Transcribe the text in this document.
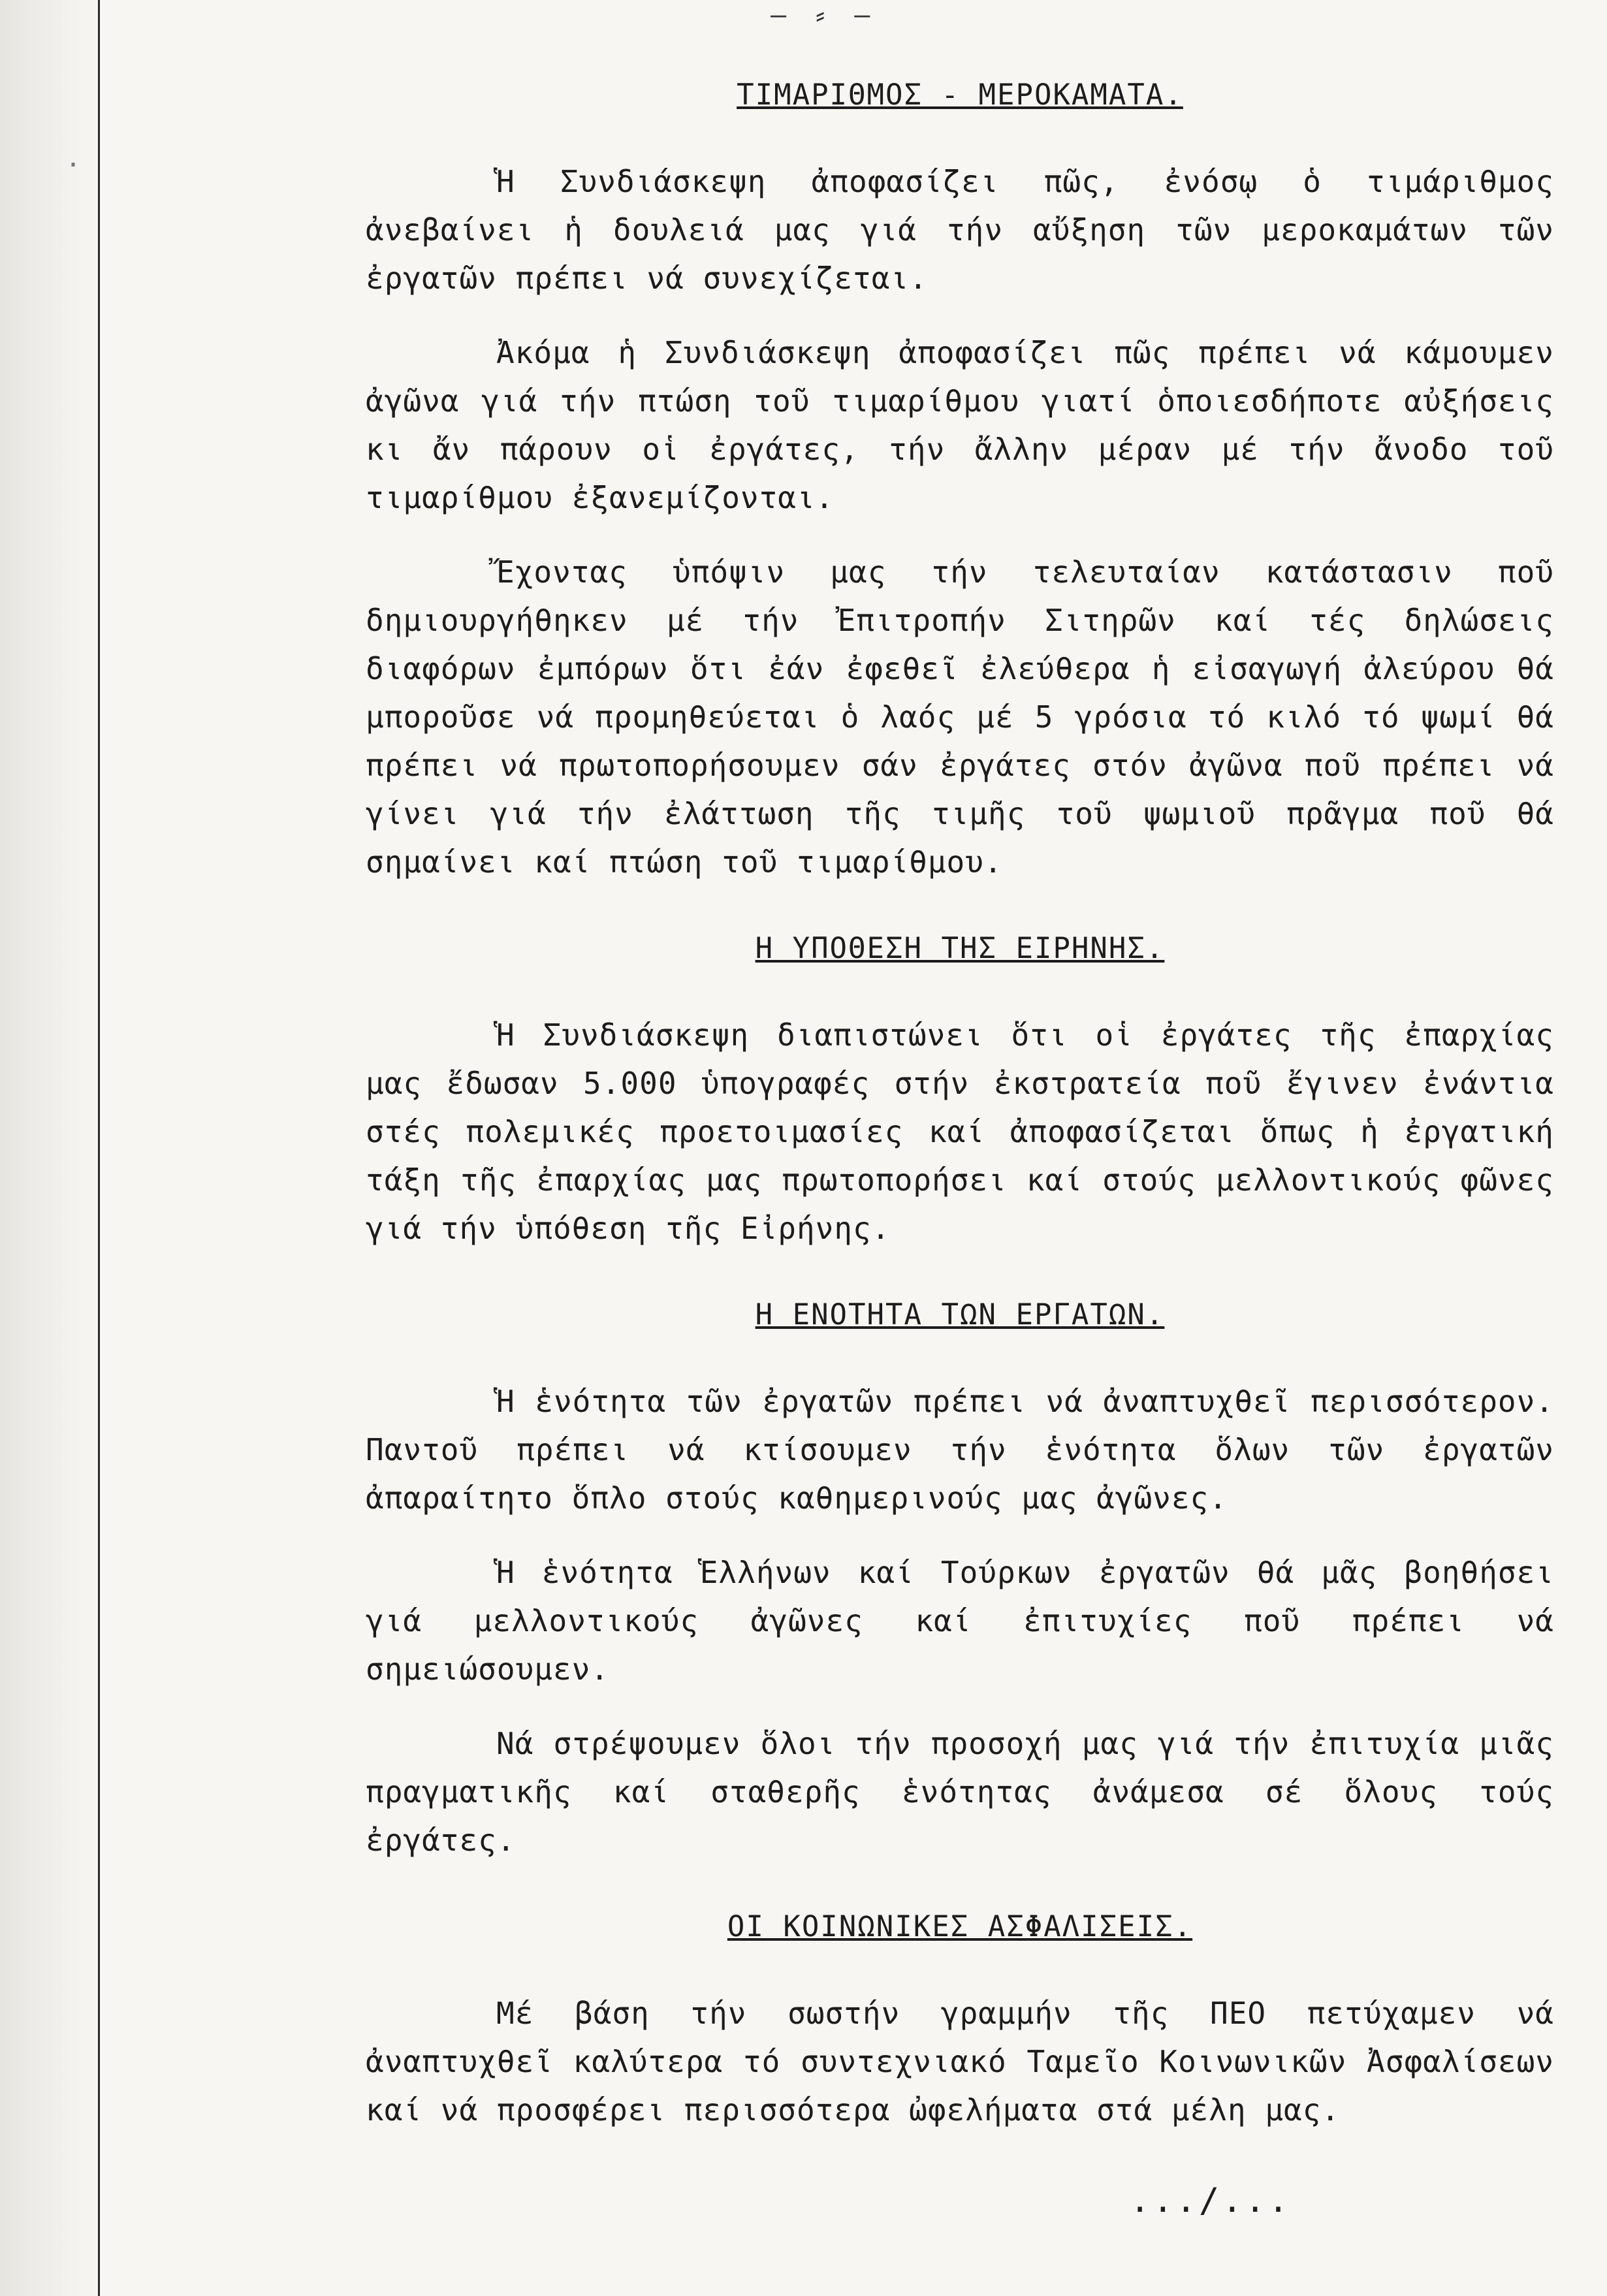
·
— ⸗ —
ΤΙΜΑΡΙΘΜΟΣ - ΜΕΡΟΚΑΜΑΤΑ.

Ἡ Συνδιάσκεψη ἀποφασίζει πῶς, ἐνόσῳ ὁ τιμάριθμος ἀνεβαίνει ἡ δουλειά μας γιά τήν αὔξηση τῶν μεροκαμάτων τῶν ἐργατῶν πρέπει νά συνεχίζεται.

Ἀκόμα ἡ Συνδιάσκεψη ἀποφασίζει πῶς πρέπει νά κάμουμεν ἀγῶνα γιά τήν πτώση τοῦ τιμαρίθμου γιατί ὁποιεσδήποτε αὐξήσεις κι ἄν πάρουν οἱ ἐργάτες, τήν ἄλλην μέραν μέ τήν ἄνοδο τοῦ τιμαρίθμου ἐξανεμίζονται.

Ἔχοντας ὑπόψιν μας τήν τελευταίαν κατάστασιν ποῦ δημιουργήθηκεν μέ τήν Ἐπιτροπήν Σιτηρῶν καί τές δηλώσεις διαφόρων ἐμπόρων ὅτι ἐάν ἐφεθεῖ ἐλεύθερα ἡ εἰσαγωγή ἀλεύρου θά μποροῦσε νά προμηθεύεται ὁ λαός μέ 5 γρόσια τό κιλό τό ψωμί θά πρέπει νά πρωτοπορήσουμεν σάν ἐργάτες στόν ἀγῶνα ποῦ πρέπει νά γίνει γιά τήν ἐλάττωση τῆς τιμῆς τοῦ ψωμιοῦ πρᾶγμα ποῦ θά σημαίνει καί πτώση τοῦ τιμαρίθμου.

Η ΥΠΟΘΕΣΗ ΤΗΣ ΕΙΡΗΝΗΣ.

Ἡ Συνδιάσκεψη διαπιστώνει ὅτι οἱ ἐργάτες τῆς ἐπαρχίας μας ἔδωσαν 5.000 ὑπογραφές στήν ἐκστρατεία ποῦ ἔγινεν ἐνάντια στές πολεμικές προετοιμασίες καί ἀποφασίζεται ὅπως ἡ ἐργατική τάξη τῆς ἐπαρχίας μας πρωτοπορήσει καί στούς μελλοντικούς φῶνες γιά τήν ὑπόθεση τῆς Εἰρήνης.

Η ΕΝΟΤΗΤΑ ΤΩΝ ΕΡΓΑΤΩΝ.

Ἡ ἑνότητα τῶν ἐργατῶν πρέπει νά ἀναπτυχθεῖ περισσότερον. Παντοῦ πρέπει νά κτίσουμεν τήν ἑνότητα ὅλων τῶν ἐργατῶν ἀπαραίτητο ὅπλο στούς καθημερινούς μας ἀγῶνες.

Ἡ ἑνότητα Ἑλλήνων καί Τούρκων ἐργατῶν θά μᾶς βοηθήσει γιά μελλοντικούς ἀγῶνες καί ἐπιτυχίες ποῦ πρέπει νά σημειώσουμεν.

Νά στρέψουμεν ὅλοι τήν προσοχή μας γιά τήν ἐπιτυχία μιᾶς πραγματικῆς καί σταθερῆς ἑνότητας ἀνάμεσα σέ ὅλους τούς ἐργάτες.

ΟΙ ΚΟΙΝΩΝΙΚΕΣ ΑΣΦΑΛΙΣΕΙΣ.

Μέ βάση τήν σωστήν γραμμήν τῆς ΠΕΟ πετύχαμεν νά ἀναπτυχθεῖ καλύτερα τό συντεχνιακό Ταμεῖο Κοινωνικῶν Ἀσφαλίσεων καί νά προσφέρει περισσότερα ὠφελήματα στά μέλη μας.

.../...
